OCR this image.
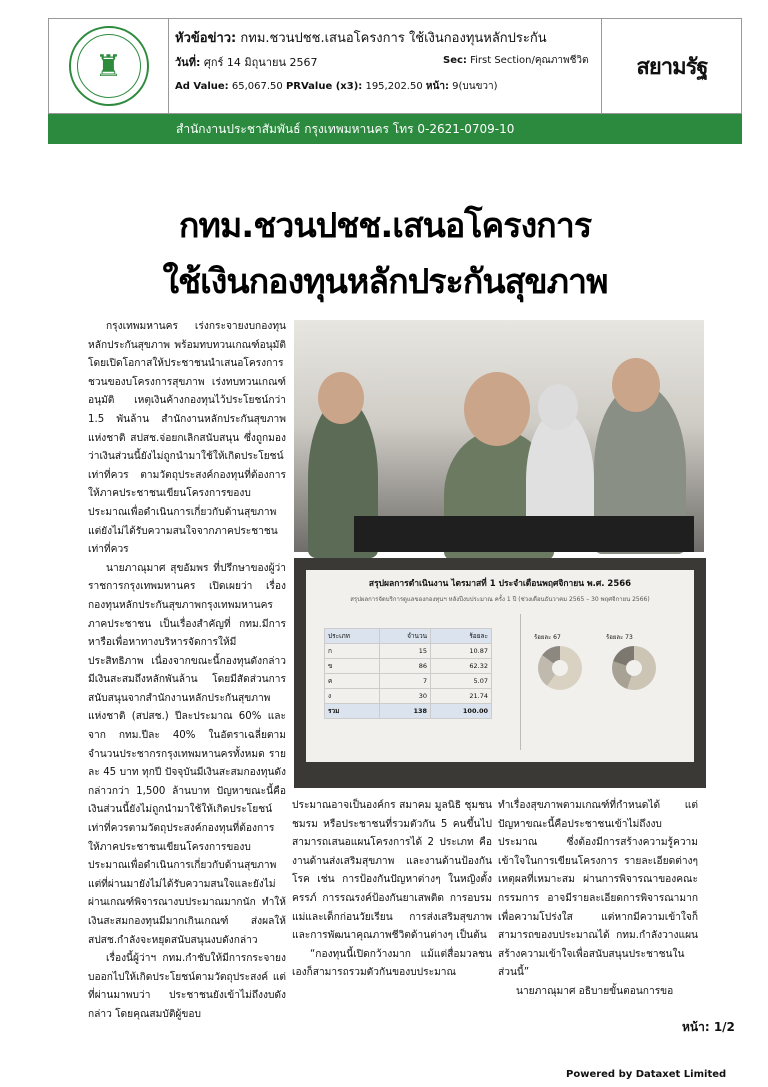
♜
หัวข้อข่าว: กทม.ชวนปชช.เสนอโครงการ ใช้เงินกองทุนหลักประกัน
วันที่: ศุกร์ 14 มิถุนายน 2567	Sec: First Section/คุณภาพชีวิต
Ad Value: 65,067.50 PRValue (x3): 195,202.50 หน้า: 9(บนขวา)
สยามรัฐ
สำนักงานประชาสัมพันธ์ กรุงเทพมหานคร โทร 0-2621-0709-10
กทม.ชวนปชช.เสนอโครงการ
ใช้เงินกองทุนหลักประกันสุขภาพ

กรุงเทพมหานคร เร่งกระจายงบกองทุนหลักประกันสุขภาพ พร้อมทบทวนเกณฑ์อนุมัติ โดยเปิดโอกาสให้ประชาชนนำเสนอโครงการชวนของบโครงการสุขภาพ เร่งทบทวนเกณฑ์อนุมัติ เหตุเงินค้างกองทุนไว้ประโยชน์กว่า 1.5 พันล้าน สำนักงานหลักประกันสุขภาพแห่งชาติ สปสช.จ่อยกเลิกสนับสนุน ซึ่งถูกมองว่าเงินส่วนนี้ยังไม่ถูกนำมาใช้ให้เกิดประโยชน์เท่าที่ควร ตามวัตถุประสงค์กองทุนที่ต้องการให้ภาคประชาชนเขียนโครงการของบประมาณเพื่อดำเนินการเกี่ยวกับด้านสุขภาพ แต่ยังไม่ได้รับความสนใจจากภาคประชาชนเท่าที่ควร

นายภาณุมาศ สุขอัมพร ที่ปรึกษาของผู้ว่าราชการกรุงเทพมหานคร เปิดเผยว่า เรื่องกองทุนหลักประกันสุขภาพกรุงเทพมหานคร ภาคประชาชน เป็นเรื่องสำคัญที่ กทม.มีการหารือเพื่อหาทางบริหารจัดการให้มีประสิทธิภาพ เนื่องจากขณะนี้กองทุนดังกล่าวมีเงินสะสมถึงหลักพันล้าน โดยมีสัดส่วนการสนับสนุนจากสำนักงานหลักประกันสุขภาพแห่งชาติ (สปสช.) ปีละประมาณ 60% และจาก กทม.ปีละ 40% ในอัตราเฉลี่ยตามจำนวนประชากรกรุงเทพมหานครทั้งหมด รายละ 45 บาท ทุกปี ปัจจุบันมีเงินสะสมกองทุนดังกล่าวกว่า 1,500 ล้านบาท ปัญหาขณะนี้คือ เงินส่วนนี้ยังไม่ถูกนำมาใช้ให้เกิดประโยชน์เท่าที่ควรตามวัตถุประสงค์กองทุนที่ต้องการให้ภาคประชาชนเขียนโครงการของบประมาณเพื่อดำเนินการเกี่ยวกับด้านสุขภาพ แต่ที่ผ่านมายังไม่ได้รับความสนใจและยังไม่ผ่านเกณฑ์พิจารณางบประมาณมากนัก ทำให้เงินสะสมกองทุนมีมากเกินเกณฑ์ ส่งผลให้ สปสช.กำลังจะหยุดสนับสนุนงบดังกล่าว

เรื่องนี้ผู้ว่าฯ กทม.กำชับให้มีการกระจายงบออกไปให้เกิดประโยชน์ตามวัตถุประสงค์ แต่ที่ผ่านมาพบว่า ประชาชนยังเข้าไม่ถึงงบดังกล่าว โดยคุณสมบัติผู้ขอบ

สรุปผลการดำเนินงาน ไตรมาสที่ 1 ประจำเดือนพฤศจิกายน พ.ศ. 2566
สรุปผลการจัดบริการดูแลของกองทุนฯ หลังปีงบประมาณ ครั้ง 1 ปี (ช่วงเดือนธันวาคม 2565 – 30 พฤศจิกายน 2566)
ประเภท	จำนวน	ร้อยละ
ก	15	10.87
ข	86	62.32
ค	7	5.07
ง	30	21.74
รวม	138	100.00
ร้อยละ 67	ร้อยละ 73

ประมาณอาจเป็นองค์กร สมาคม มูลนิธิ ชุมชน ชมรม หรือประชาชนที่รวมตัวกัน 5 คนขึ้นไป สามารถเสนอแผนโครงการได้ 2 ประเภท คือ งานด้านส่งเสริมสุขภาพ และงานด้านป้องกันโรค เช่น การป้องกันปัญหาต่างๆ ในหญิงตั้งครรภ์ การรณรงค์ป้องกันยาเสพติด การอบรมแม่และเด็กก่อนวัยเรียน การส่งเสริมสุขภาพและการพัฒนาคุณภาพชีวิตด้านต่างๆ เป็นต้น

“กองทุนนี้เปิดกว้างมาก แม้แต่สื่อมวลชนเองก็สามารถรวมตัวกันของบประมาณ

ทำเรื่องสุขภาพตามเกณฑ์ที่กำหนดได้ แต่ปัญหาขณะนี้คือประชาชนเข้าไม่ถึงงบประมาณ ซึ่งต้องมีการสร้างความรู้ความเข้าใจในการเขียนโครงการ รายละเอียดต่างๆ เหตุผลที่เหมาะสม ผ่านการพิจารณาของคณะกรรมการ อาจมีรายละเอียดการพิจารณามากเพื่อความโปร่งใส แต่หากมีความเข้าใจก็สามารถของบประมาณได้ กทม.กำลังวางแผนสร้างความเข้าใจเพื่อสนับสนุนประชาชนในส่วนนี้”

นายภาณุมาศ อธิบายขั้นตอนการขอ

หน้า: 1/2
Powered by Dataxet Limited
